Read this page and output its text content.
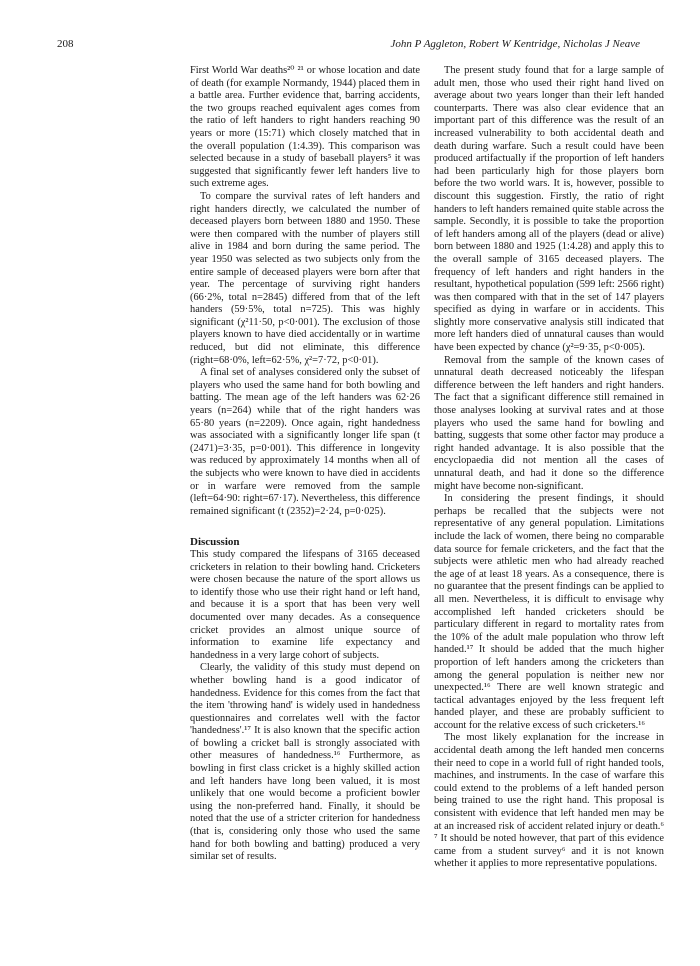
208	John P Aggleton, Robert W Kentridge, Nicholas J Neave

First World War deaths²⁰ ²¹ or whose location and date of death (for example Normandy, 1944) placed them in a battle area. Further evidence that, barring accidents, the two groups reached equivalent ages comes from the ratio of left handers to right handers reaching 90 years or more (15:71) which closely matched that in the overall population (1:4.39). This comparison was selected because in a study of baseball players⁵ it was suggested that significantly fewer left handers live to such extreme ages.

To compare the survival rates of left handers and right handers directly, we calculated the number of deceased players born between 1880 and 1950. These were then compared with the number of players still alive in 1984 and born during the same period. The year 1950 was selected as two subjects only from the entire sample of deceased players were born after that year. The percentage of surviving right handers (66·2%, total n=2845) differed from that of the left handers (59·5%, total n=725). This was highly significant (χ²11·50, p<0·001). The exclusion of those players known to have died accidentally or in wartime reduced, but did not eliminate, this difference (right=68·0%, left=62·5%, χ²=7·72, p<0·01).

A final set of analyses considered only the subset of players who used the same hand for both bowling and batting. The mean age of the left handers was 62·26 years (n=264) while that of the right handers was 65·80 years (n=2209). Once again, right handedness was associated with a significantly longer life span (t (2471)=3·35, p=0·001). This difference in longevity was reduced by approximately 14 months when all of the subjects who were known to have died in accidents or in warfare were removed from the sample (left=64·90: right=67·17). Nevertheless, this difference remained significant (t (2352)=2·24, p=0·025).

Discussion

This study compared the lifespans of 3165 deceased cricketers in relation to their bowling hand. Cricketers were chosen because the nature of the sport allows us to identify those who use their right hand or left hand, and because it is a sport that has been very well documented over many decades. As a consequence cricket provides an almost unique source of information to examine life expectancy and handedness in a very large cohort of subjects.

Clearly, the validity of this study must depend on whether bowling hand is a good indicator of handedness. Evidence for this comes from the fact that the item 'throwing hand' is widely used in handedness questionnaires and correlates well with the factor 'handedness'.¹⁷ It is also known that the specific action of bowling a cricket ball is strongly associated with other measures of handedness.¹⁶ Furthermore, as bowling in first class cricket is a highly skilled action and left handers have long been valued, it is most unlikely that one would become a proficient bowler using the non-preferred hand. Finally, it should be noted that the use of a stricter criterion for handedness (that is, considering only those who used the same hand for both bowling and batting) produced a very similar set of results.

The present study found that for a large sample of adult men, those who used their right hand lived on average about two years longer than their left handed counterparts. There was also clear evidence that an important part of this difference was the result of an increased vulnerability to both accidental death and death during warfare. Such a result could have been produced artifactually if the proportion of left handers had been particularly high for those players born before the two world wars. It is, however, possible to discount this suggestion. Firstly, the ratio of right handers to left handers remained quite stable across the sample. Secondly, it is possible to take the proportion of left handers among all of the players (dead or alive) born between 1880 and 1925 (1:4.28) and apply this to the overall sample of 3165 deceased players. The frequency of left handers and right handers in the resultant, hypothetical population (599 left: 2566 right) was then compared with that in the set of 147 players specified as dying in warfare or in accidents. This slightly more conservative analysis still indicated that more left handers died of unnatural causes than would have been expected by chance (χ²=9·35, p<0·005).

Removal from the sample of the known cases of unnatural death decreased noticeably the lifespan difference between the left handers and right handers. The fact that a significant difference still remained in those analyses looking at survival rates and at those players who used the same hand for bowling and batting, suggests that some other factor may produce a right handed advantage. It is also possible that the encyclopaedia did not mention all the cases of unnatural death, and had it done so the difference might have become non-significant.

In considering the present findings, it should perhaps be recalled that the subjects were not representative of any general population. Limitations include the lack of women, there being no comparable data source for female cricketers, and the fact that the subjects were athletic men who had already reached the age of at least 18 years. As a consequence, there is no guarantee that the present findings can be applied to all men. Nevertheless, it is difficult to envisage why accomplished left handed cricketers should be particulary different in regard to mortality rates from the 10% of the adult male population who throw left handed.¹⁷ It should be added that the much higher proportion of left handers among the cricketers than among the general population is neither new nor unexpected.¹⁶ There are well known strategic and tactical advantages enjoyed by the less frequent left handed player, and these are probably sufficient to account for the relative excess of such cricketers.¹⁶

The most likely explanation for the increase in accidental death among the left handed men concerns their need to cope in a world full of right handed tools, machines, and instruments. In the case of warfare this could extend to the problems of a left handed person being trained to use the right hand. This proposal is consistent with evidence that left handed men may be at an increased risk of accident related injury or death.⁶ ⁷ It should be noted however, that part of this evidence came from a student survey⁶ and it is not known whether it applies to more representative populations.
